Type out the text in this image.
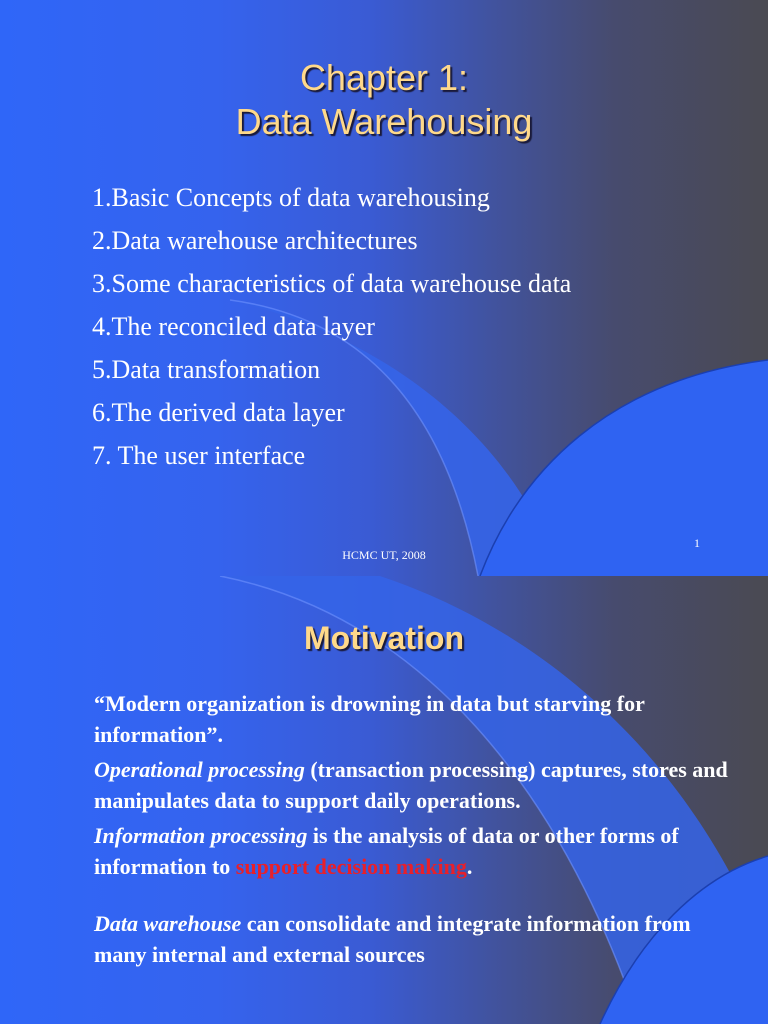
Chapter 1:
Data Warehousing
1.Basic Concepts of data warehousing
2.Data warehouse architectures
3.Some characteristics of data warehouse data
4.The reconciled data layer
5.Data transformation
6.The derived data layer
7. The user interface
HCMC UT, 2008
1
Motivation

“Modern organization is drowning in data but starving for information”.

Operational processing (transaction processing) captures, stores and manipulates data to support daily operations.

Information processing is the analysis of data or other forms of information to support decision making.

Data warehouse can consolidate and integrate information from many internal and external sources
